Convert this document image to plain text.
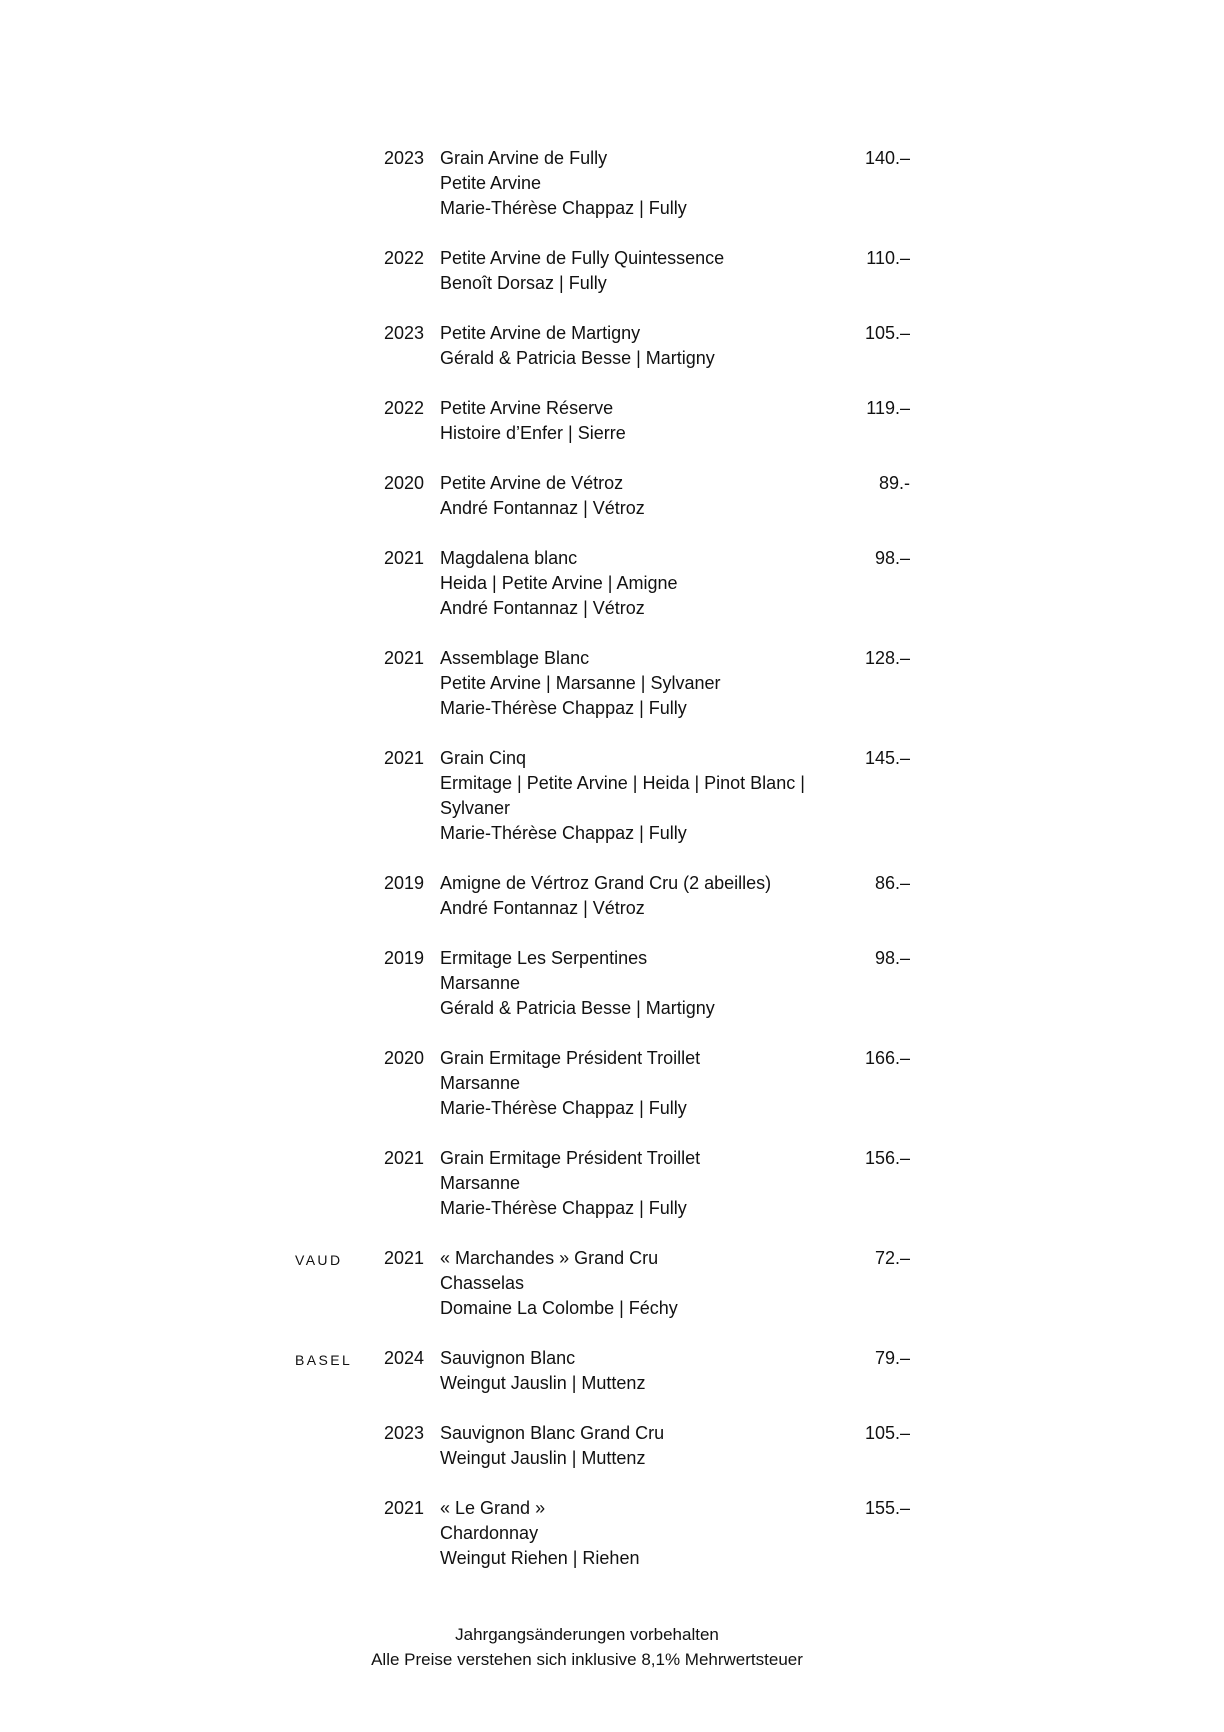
2023 Grain Arvine de Fully
Petite Arvine
Marie-Thérèse Chappaz | Fully
140.–
2022 Petite Arvine de Fully Quintessence
Benoît Dorsaz | Fully
110.–
2023 Petite Arvine de Martigny
Gérald & Patricia Besse | Martigny
105.–
2022 Petite Arvine Réserve
Histoire d’Enfer | Sierre
119.–
2020 Petite Arvine de Vétroz
André Fontannaz | Vétroz
89.-
2021 Magdalena blanc
Heida | Petite Arvine | Amigne
André Fontannaz | Vétroz
98.–
2021 Assemblage Blanc
Petite Arvine | Marsanne | Sylvaner
Marie-Thérèse Chappaz | Fully
128.–
2021 Grain Cinq
Ermitage | Petite Arvine | Heida | Pinot Blanc |
Sylvaner
Marie-Thérèse Chappaz | Fully
145.–
2019 Amigne de Vértroz Grand Cru (2 abeilles)
André Fontannaz | Vétroz
86.–
2019 Ermitage Les Serpentines
Marsanne
Gérald & Patricia Besse | Martigny
98.–
2020 Grain Ermitage Président Troillet
Marsanne
Marie-Thérèse Chappaz | Fully
166.–
2021 Grain Ermitage Président Troillet
Marsanne
Marie-Thérèse Chappaz | Fully
156.–
VAUD 2021 « Marchandes » Grand Cru
Chasselas
Domaine La Colombe | Féchy
72.–
BASEL 2024 Sauvignon Blanc
Weingut Jauslin | Muttenz
79.–
2023 Sauvignon Blanc Grand Cru
Weingut Jauslin | Muttenz
105.–
2021 « Le Grand »
Chardonnay
Weingut Riehen | Riehen
155.–
Jahrgangsänderungen vorbehalten
Alle Preise verstehen sich inklusive 8,1% Mehrwertsteuer
